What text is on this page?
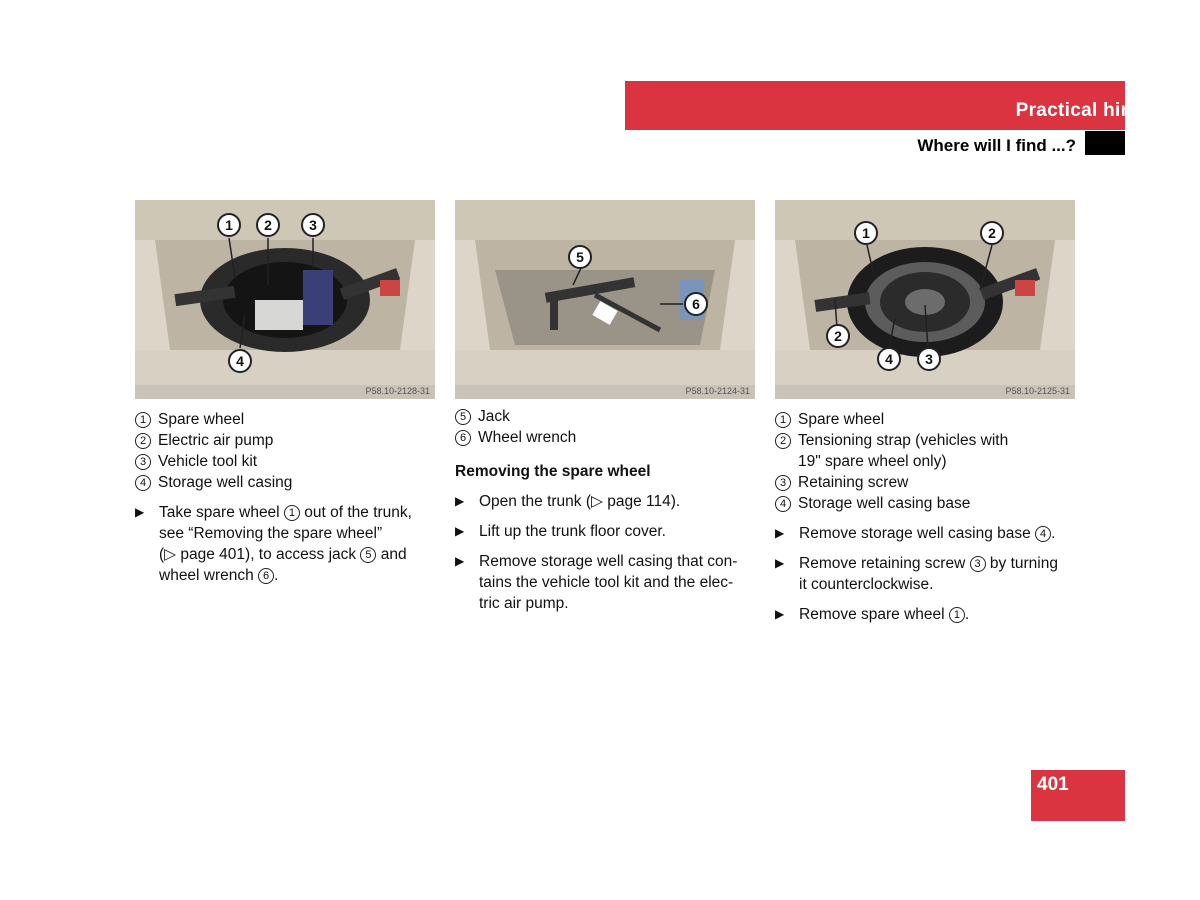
Practical hints
Where will I find ...?
1	2	3
4
P58.10-2128-31
5
6
P58.10-2124-31
1	2
2
4	3
P58.10-2125-31
1 Spare wheel
2 Electric air pump
3 Vehicle tool kit
4 Storage well casing
▶ Take spare wheel 1 out of the trunk,
see “Removing the spare wheel”
(▷ page 401), to access jack 5 and
wheel wrench 6 .
5 Jack
6 Wheel wrench
Removing the spare wheel
▶ Open the trunk (▷ page 114).
▶ Lift up the trunk floor cover.
▶ Remove storage well casing that con-
tains the vehicle tool kit and the elec-
tric air pump.
1 Spare wheel
2 Tensioning strap (vehicles with
19" spare wheel only)
3 Retaining screw
4 Storage well casing base
▶ Remove storage well casing base 4 .
▶ Remove retaining screw 3 by turning
it counterclockwise.
▶ Remove spare wheel 1 .
401
